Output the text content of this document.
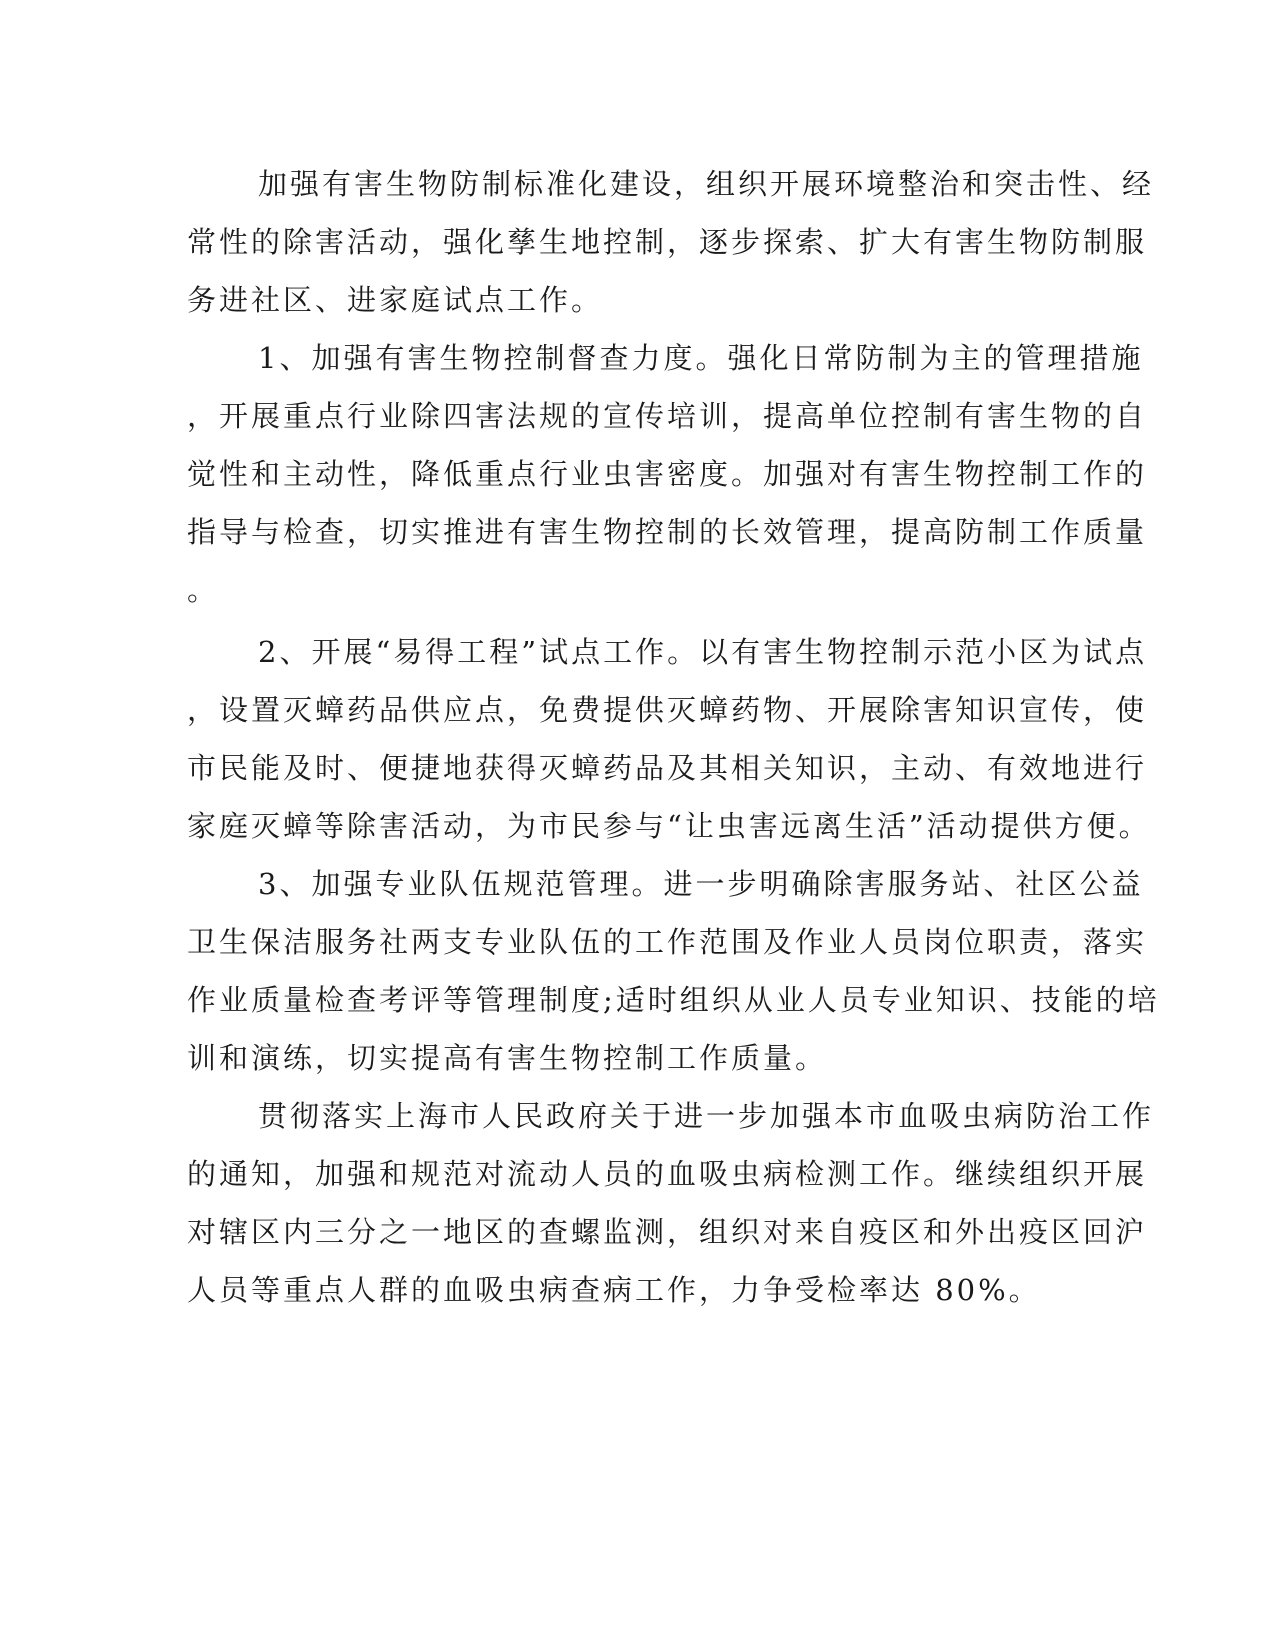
加强有害生物防制标准化建设，组织开展环境整治和突击性、经
常性的除害活动，强化孳生地控制，逐步探索、扩大有害生物防制服
务进社区、进家庭试点工作。
1、加强有害生物控制督查力度。强化日常防制为主的管理措施
，开展重点行业除四害法规的宣传培训，提高单位控制有害生物的自
觉性和主动性，降低重点行业虫害密度。加强对有害生物控制工作的
指导与检查，切实推进有害生物控制的长效管理，提高防制工作质量
。
2、开展“易得工程”试点工作。以有害生物控制示范小区为试点
，设置灭蟑药品供应点，免费提供灭蟑药物、开展除害知识宣传，使
市民能及时、便捷地获得灭蟑药品及其相关知识，主动、有效地进行
家庭灭蟑等除害活动，为市民参与“让虫害远离生活”活动提供方便。
3、加强专业队伍规范管理。进一步明确除害服务站、社区公益
卫生保洁服务社两支专业队伍的工作范围及作业人员岗位职责，落实
作业质量检查考评等管理制度;适时组织从业人员专业知识、技能的培
训和演练，切实提高有害生物控制工作质量。
贯彻落实上海市人民政府关于进一步加强本市血吸虫病防治工作
的通知，加强和规范对流动人员的血吸虫病检测工作。继续组织开展
对辖区内三分之一地区的查螺监测，组织对来自疫区和外出疫区回沪
人员等重点人群的血吸虫病查病工作，力争受检率达 80%。
